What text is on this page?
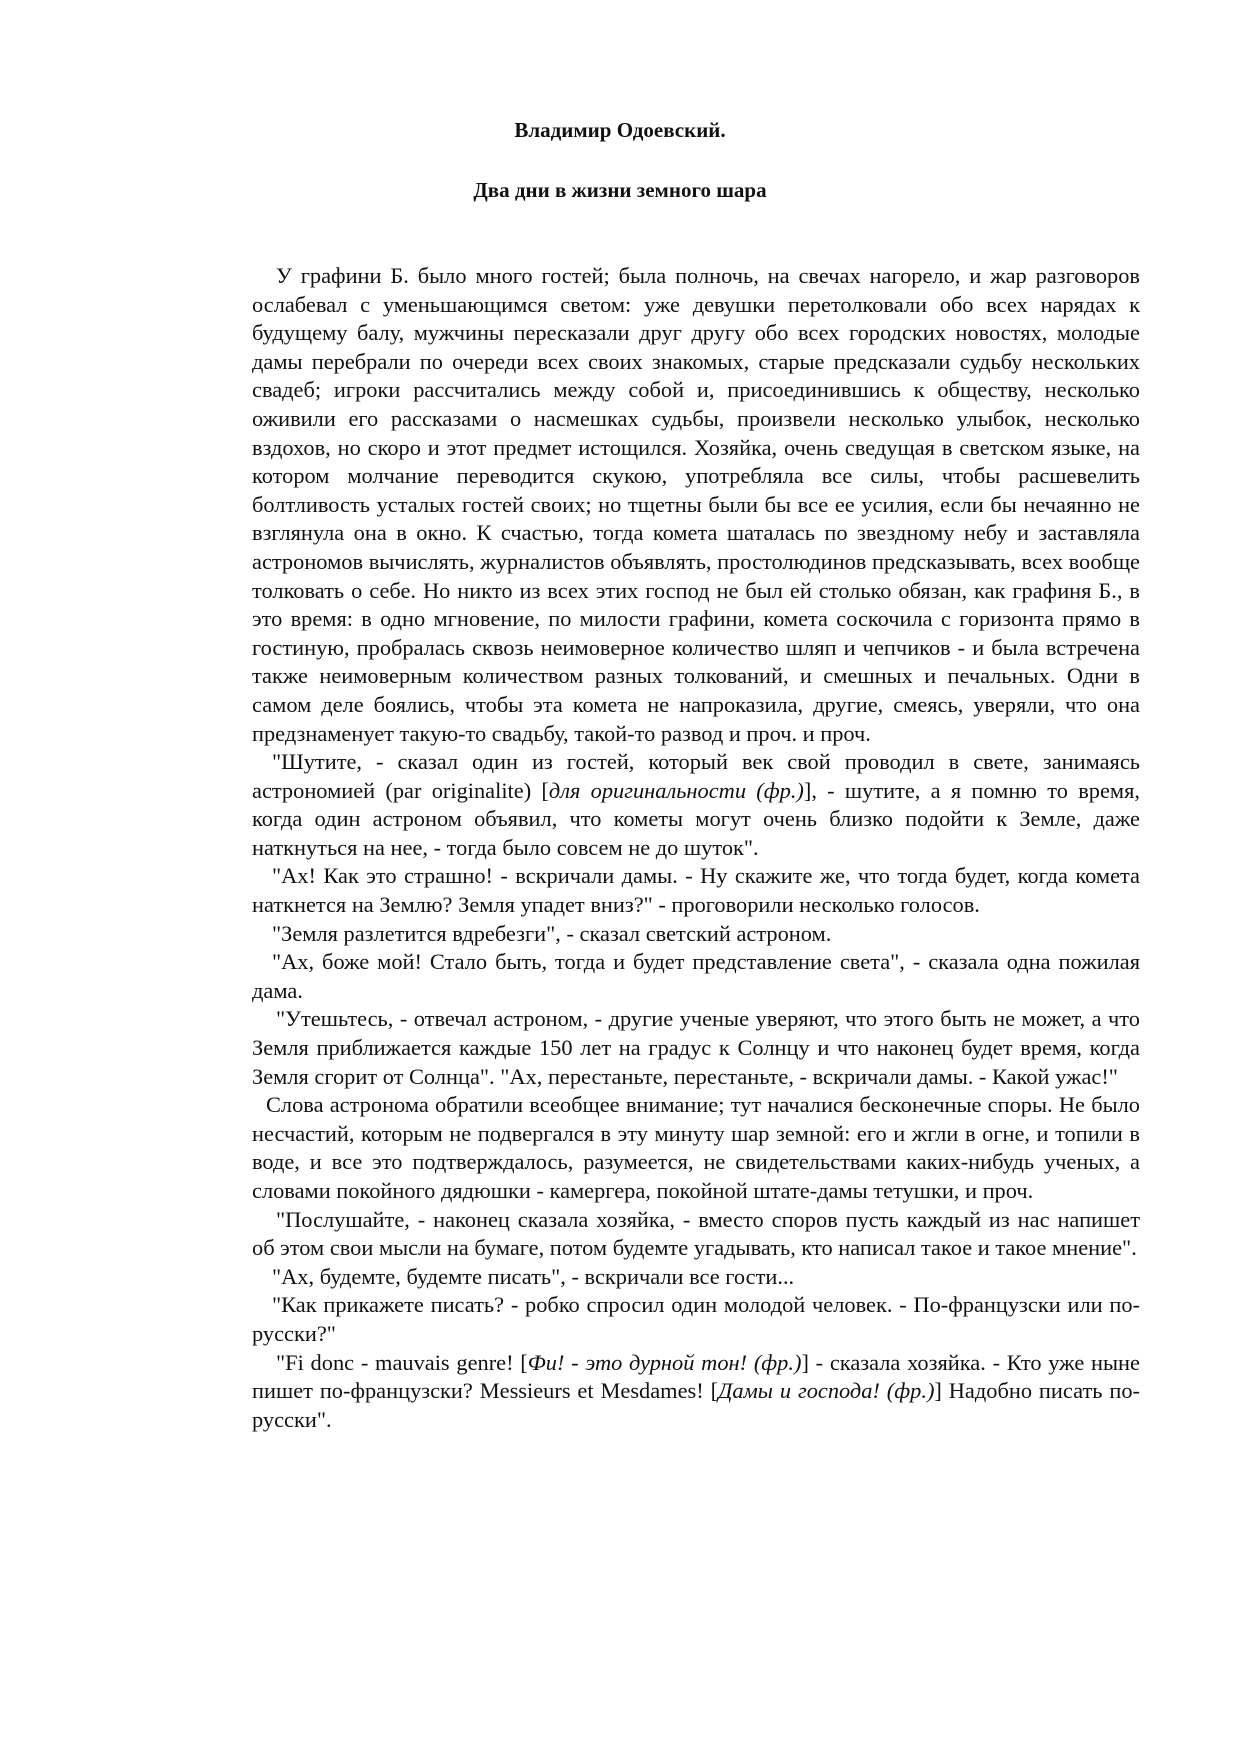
Владимир Одоевский.
Два дни в жизни земного шара

У графини Б. было много гостей; была полночь, на свечах нагорело, и жар разговоров ослабевал с уменьшающимся светом: уже девушки перетолковали обо всех нарядах к будущему балу, мужчины пересказали друг другу обо всех городских новостях, молодые дамы перебрали по очереди всех своих знакомых, старые предсказали судьбу нескольких свадеб; игроки рассчитались между собой и, присоединившись к обществу, несколько оживили его рассказами о насмешках судьбы, произвели несколько улыбок, несколько вздохов, но скоро и этот предмет истощился. Хозяйка, очень сведущая в светском языке, на котором молчание переводится скукою, употребляла все силы, чтобы расшевелить болтливость усталых гостей своих; но тщетны были бы все ее усилия, если бы нечаянно не взглянула она в окно. К счастью, тогда комета шаталась по звездному небу и заставляла астрономов вычислять, журналистов объявлять, простолюдинов предсказывать, всех вообще толковать о себе. Но никто из всех этих господ не был ей столько обязан, как графиня Б., в это время: в одно мгновение, по милости графини, комета соскочила с горизонта прямо в гостиную, пробралась сквозь неимоверное количество шляп и чепчиков - и была встречена также неимоверным количеством разных толкований, и смешных и печальных. Одни в самом деле боялись, чтобы эта комета не напроказила, другие, смеясь, уверяли, что она предзнаменует такую-то свадьбу, такой-то развод и проч. и проч.

"Шутите, - сказал один из гостей, который век свой проводил в свете, занимаясь астрономией (par originalite) [для оригинальности (фр.)], - шутите, а я помню то время, когда один астроном объявил, что кометы могут очень близко подойти к Земле, даже наткнуться на нее, - тогда было совсем не до шуток".

"Ах! Как это страшно! - вскричали дамы. - Ну скажите же, что тогда будет, когда комета наткнется на Землю? Земля упадет вниз?" - проговорили несколько голосов.

"Земля разлетится вдребезги", - сказал светский астроном.

"Ах, боже мой! Стало быть, тогда и будет представление света", - сказала одна пожилая дама.

"Утешьтесь, - отвечал астроном, - другие ученые уверяют, что этого быть не может, а что Земля приближается каждые 150 лет на градус к Солнцу и что наконец будет время, когда Земля сгорит от Солнца". "Ах, перестаньте, перестаньте, - вскричали дамы. - Какой ужас!"

Слова астронома обратили всеобщее внимание; тут началися бесконечные споры. Не было несчастий, которым не подвергался в эту минуту шар земной: его и жгли в огне, и топили в воде, и все это подтверждалось, разумеется, не свидетельствами каких-нибудь ученых, а словами покойного дядюшки - камергера, покойной штате-дамы тетушки, и проч.

"Послушайте, - наконец сказала хозяйка, - вместо споров пусть каждый из нас напишет об этом свои мысли на бумаге, потом будемте угадывать, кто написал такое и такое мнение".

"Ах, будемте, будемте писать", - вскричали все гости...

"Как прикажете писать? - робко спросил один молодой человек. - По-французски или по-русски?"

"Fi donc - mauvais genre! [Фи! - это дурной тон! (фр.)] - сказала хозяйка. - Кто уже ныне пишет по-французски? Messieurs et Mesdames! [Дамы и господа! (фр.)] Надобно писать по-русски".
